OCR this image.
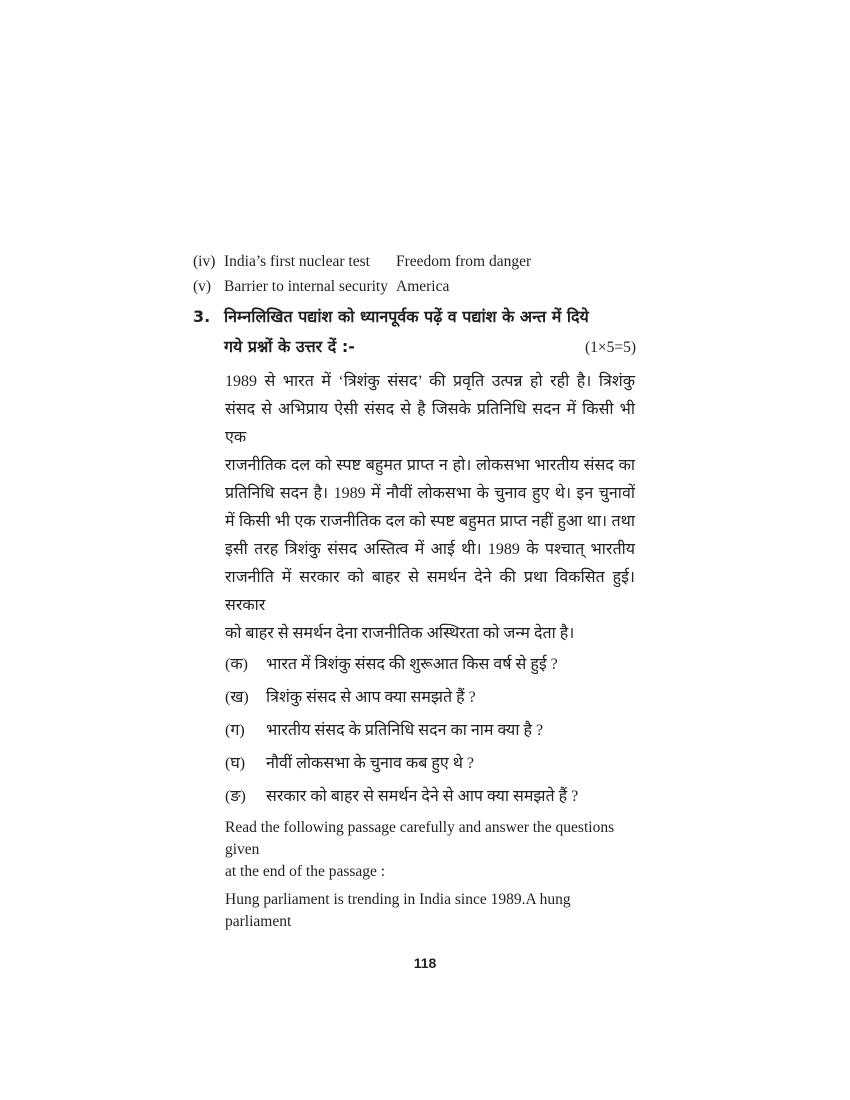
(iv) India’s first nuclear test	Freedom from danger
(v) Barrier to internal security America
3. निम्नलिखित पद्यांश को ध्यानपूर्वक पढ़ें व पद्यांश के अन्त में दिये
गये प्रश्नों के उत्तर दें :-	(1×5=5)
1989 से भारत में ‘त्रिशंकु संसद’ की प्रवृति उत्पन्न हो रही है। त्रिशंकु
संसद से अभिप्राय ऐसी संसद से है जिसके प्रतिनिधि सदन में किसी भी एक
राजनीतिक दल को स्पष्ट बहुमत प्राप्त न हो। लोकसभा भारतीय संसद का
प्रतिनिधि सदन है। 1989 में नौवीं लोकसभा के चुनाव हुए थे। इन चुनावों
में किसी भी एक राजनीतिक दल को स्पष्ट बहुमत प्राप्त नहीं हुआ था। तथा
इसी तरह त्रिशंकु संसद अस्तित्व में आई थी। 1989 के पश्चात् भारतीय
राजनीति में सरकार को बाहर से समर्थन देने की प्रथा विकसित हुई। सरकार
को बाहर से समर्थन देना राजनीतिक अस्थिरता को जन्म देता है।
(क)	भारत में त्रिशंकु संसद की शुरूआत किस वर्ष से हुई ?
(ख)	त्रिशंकु संसद से आप क्या समझते हैं ?
(ग)	भारतीय संसद के प्रतिनिधि सदन का नाम क्या है ?
(घ)	नौवीं लोकसभा के चुनाव कब हुए थे ?
(ङ)	सरकार को बाहर से समर्थन देने से आप क्या समझते हैं ?
Read the following passage carefully and answer the questions given
at the end of the passage :
Hung parliament is trending in India since 1989.A hung parliament
118
